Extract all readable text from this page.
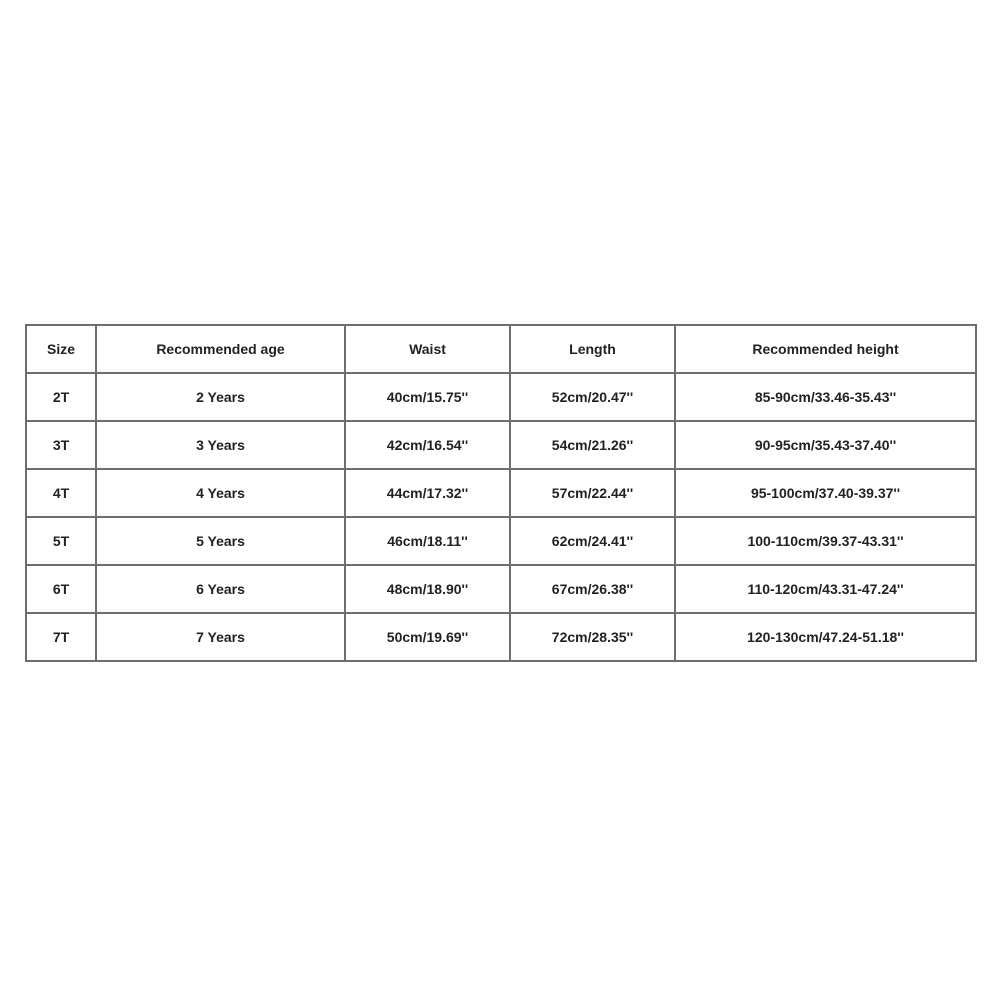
Size	Recommended age	Waist	Length	Recommended height
2T	2 Years	40cm/15.75''	52cm/20.47''	85-90cm/33.46-35.43''
3T	3 Years	42cm/16.54''	54cm/21.26''	90-95cm/35.43-37.40''
4T	4 Years	44cm/17.32''	57cm/22.44''	95-100cm/37.40-39.37''
5T	5 Years	46cm/18.11''	62cm/24.41''	100-110cm/39.37-43.31''
6T	6 Years	48cm/18.90''	67cm/26.38''	110-120cm/43.31-47.24''
7T	7 Years	50cm/19.69''	72cm/28.35''	120-130cm/47.24-51.18''
